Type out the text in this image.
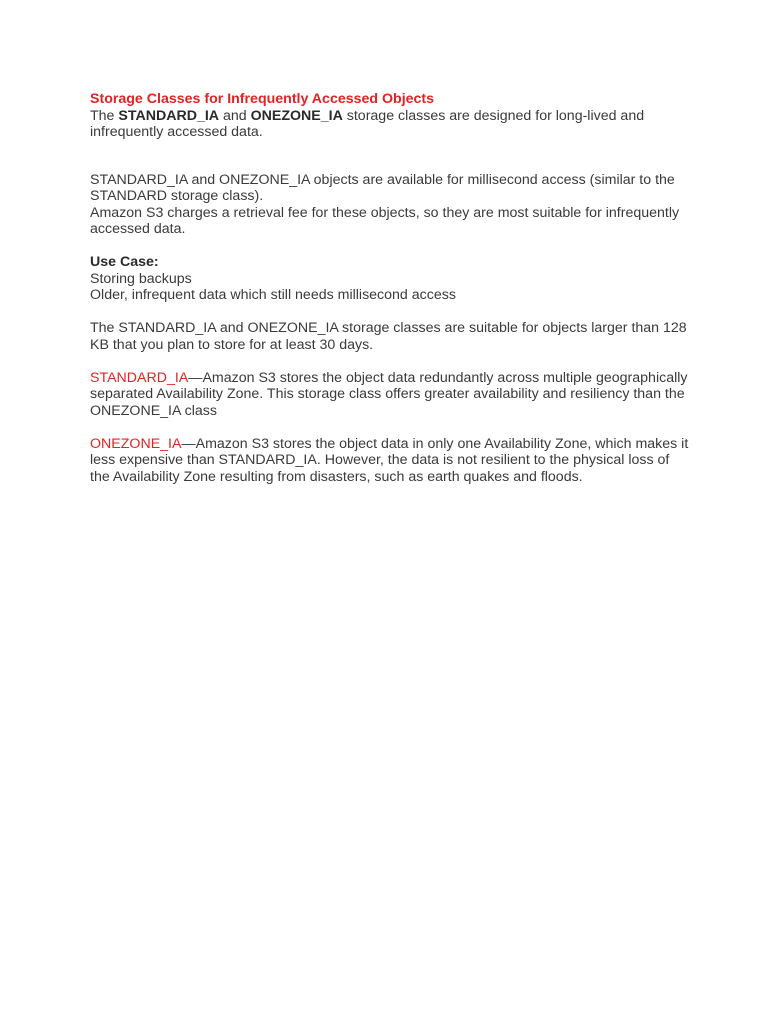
Storage Classes for Infrequently Accessed Objects
The STANDARD_IA and ONEZONE_IA storage classes are designed for long-lived and infrequently accessed data.
STANDARD_IA and ONEZONE_IA objects are available for millisecond access (similar to the STANDARD storage class).
Amazon S3 charges a retrieval fee for these objects, so they are most suitable for infrequently accessed data.
Use Case:
Storing backups
Older, infrequent data which still needs millisecond access
The STANDARD_IA and ONEZONE_IA storage classes are suitable for objects larger than 128 KB that you plan to store for at least 30 days.
STANDARD_IA—Amazon S3 stores the object data redundantly across multiple geographically separated Availability Zone. This storage class offers greater availability and resiliency than the ONEZONE_IA class
ONEZONE_IA—Amazon S3 stores the object data in only one Availability Zone, which makes it less expensive than STANDARD_IA. However, the data is not resilient to the physical loss of the Availability Zone resulting from disasters, such as earth quakes and floods.
